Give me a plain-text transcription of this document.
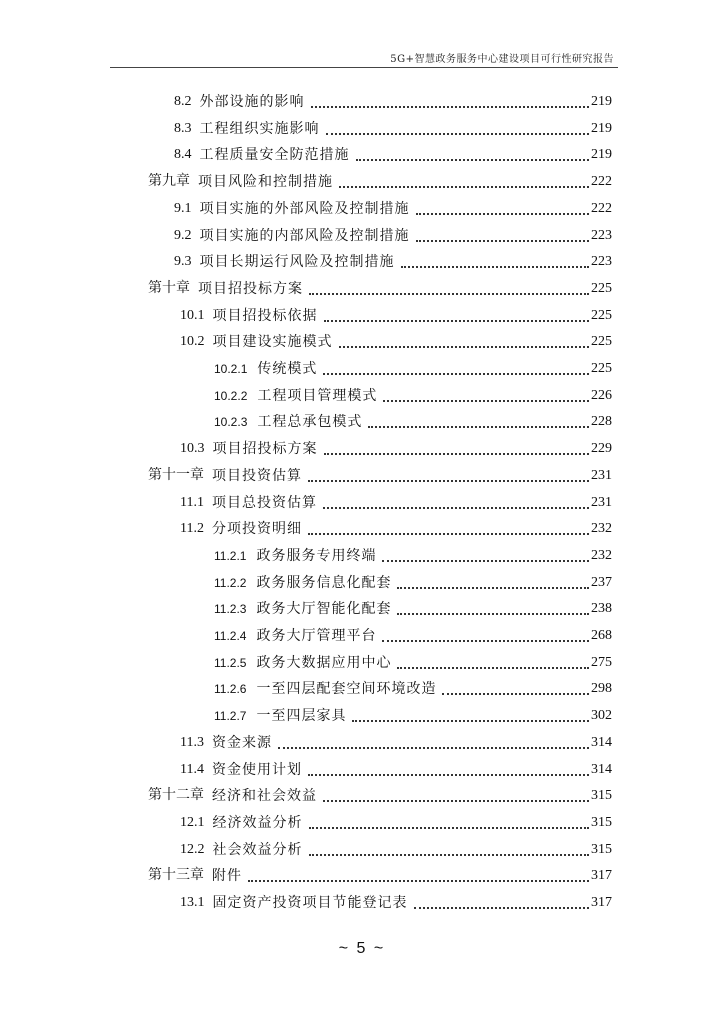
5G+智慧政务服务中心建设项目可行性研究报告
8.2 外部设施的影响	219
8.3 工程组织实施影响	219
8.4 工程质量安全防范措施	219
第九章 项目风险和控制措施	222
9.1 项目实施的外部风险及控制措施	222
9.2 项目实施的内部风险及控制措施	223
9.3 项目长期运行风险及控制措施	223
第十章 项目招投标方案	225
10.1 项目招投标依据	225
10.2 项目建设实施模式	225
10.2.1 传统模式	225
10.2.2 工程项目管理模式	226
10.2.3 工程总承包模式	228
10.3 项目招投标方案	229
第十一章 项目投资估算	231
11.1 项目总投资估算	231
11.2 分项投资明细	232
11.2.1 政务服务专用终端	232
11.2.2 政务服务信息化配套	237
11.2.3 政务大厅智能化配套	238
11.2.4 政务大厅管理平台	268
11.2.5 政务大数据应用中心	275
11.2.6 一至四层配套空间环境改造	298
11.2.7 一至四层家具	302
11.3 资金来源	314
11.4 资金使用计划	314
第十二章 经济和社会效益	315
12.1 经济效益分析	315
12.2 社会效益分析	315
第十三章 附件	317
13.1 固定资产投资项目节能登记表	317
~ 5 ~
